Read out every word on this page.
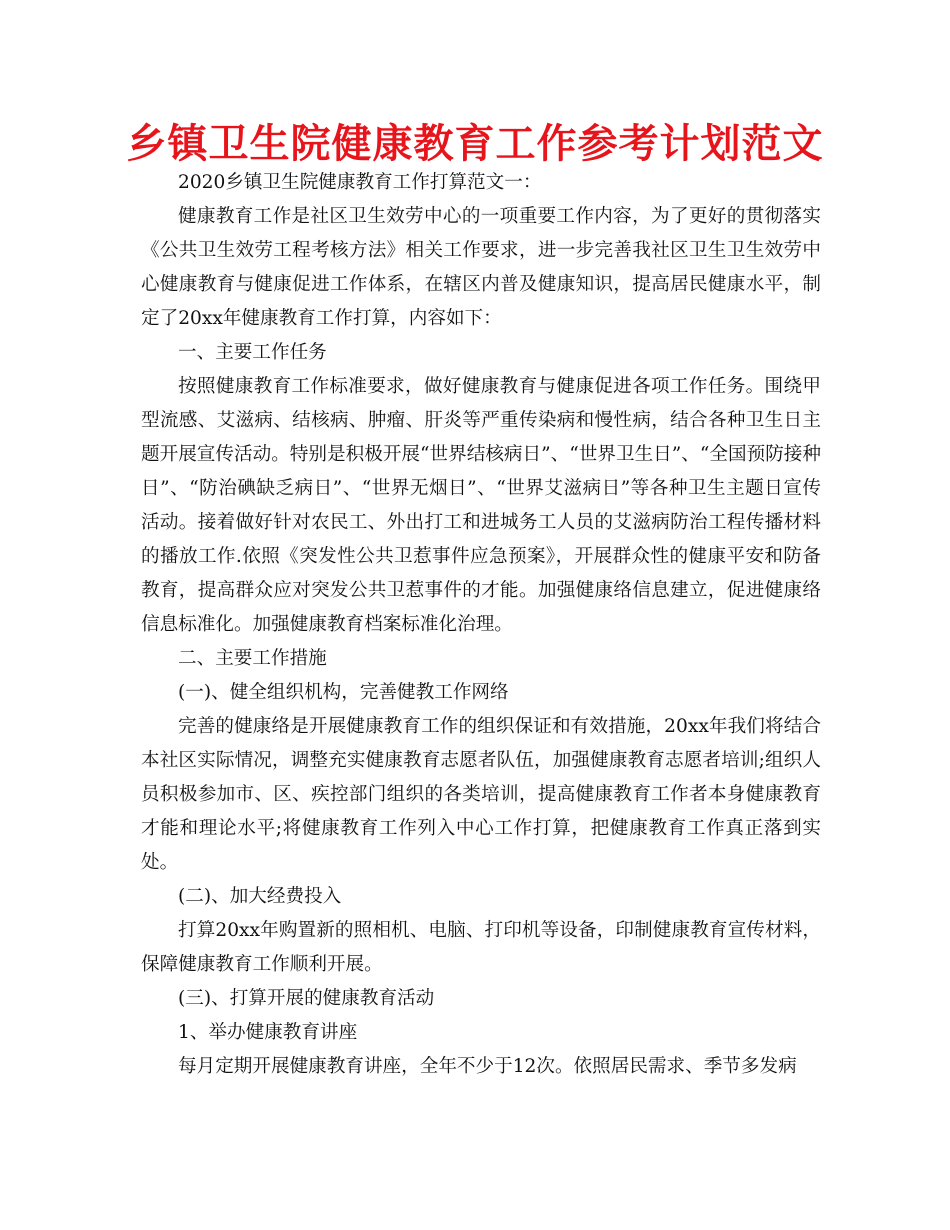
乡镇卫生院健康教育工作参考计划范文

2020乡镇卫生院健康教育工作打算范文一：

健康教育工作是社区卫生效劳中心的一项重要工作内容，为了更好的贯彻落实《公共卫生效劳工程考核方法》相关工作要求，进一步完善我社区卫生卫生效劳中心健康教育与健康促进工作体系，在辖区内普及健康知识，提高居民健康水平，制定了20xx年健康教育工作打算，内容如下：

一、主要工作任务

按照健康教育工作标准要求，做好健康教育与健康促进各项工作任务。围绕甲型流感、艾滋病、结核病、肿瘤、肝炎等严重传染病和慢性病，结合各种卫生日主题开展宣传活动。特别是积极开展“世界结核病日”、“世界卫生日”、“全国预防接种日”、“防治碘缺乏病日”、“世界无烟日”、“世界艾滋病日”等各种卫生主题日宣传活动。接着做好针对农民工、外出打工和进城务工人员的艾滋病防治工程传播材料的播放工作.依照《突发性公共卫惹事件应急预案》，开展群众性的健康平安和防备教育，提高群众应对突发公共卫惹事件的才能。加强健康络信息建立，促进健康络信息标准化。加强健康教育档案标准化治理。

二、主要工作措施

(一)、健全组织机构，完善健教工作网络

完善的健康络是开展健康教育工作的组织保证和有效措施，20xx年我们将结合本社区实际情况，调整充实健康教育志愿者队伍，加强健康教育志愿者培训;组织人员积极参加市、区、疾控部门组织的各类培训，提高健康教育工作者本身健康教育才能和理论水平;将健康教育工作列入中心工作打算，把健康教育工作真正落到实处。

(二)、加大经费投入

打算20xx年购置新的照相机、电脑、打印机等设备，印制健康教育宣传材料，保障健康教育工作顺利开展。

(三)、打算开展的健康教育活动

1、举办健康教育讲座

每月定期开展健康教育讲座，全年不少于12次。依照居民需求、季节多发病
